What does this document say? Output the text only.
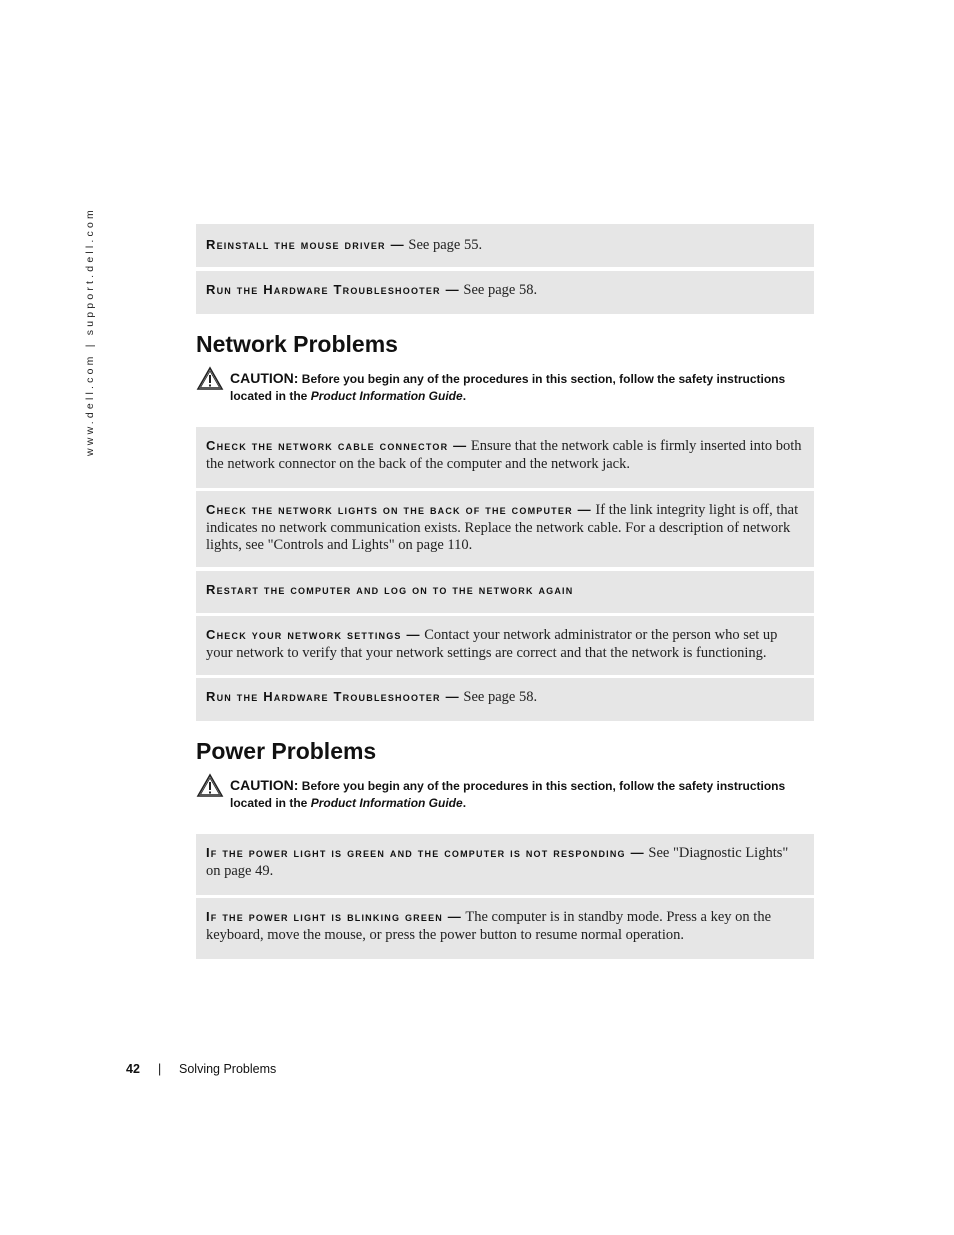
www.dell.com | support.dell.com	Reinstall the mouse driver — See page 55.
Run the Hardware Troubleshooter — See page 58.
Network Problems
CAUTION: Before you begin any of the procedures in this section, follow the safety instructions located in the Product Information Guide.
Check the network cable connector — Ensure that the network cable is firmly inserted into both the network connector on the back of the computer and the network jack.
Check the network lights on the back of the computer — If the link integrity light is off, that indicates no network communication exists. Replace the network cable. For a description of network lights, see "Controls and Lights" on page 110.
Restart the computer and log on to the network again
Check your network settings — Contact your network administrator or the person who set up your network to verify that your network settings are correct and that the network is functioning.
Run the Hardware Troubleshooter — See page 58.
Power Problems
CAUTION: Before you begin any of the procedures in this section, follow the safety instructions located in the Product Information Guide.
If the power light is green and the computer is not responding — See "Diagnostic Lights" on page 49.
If the power light is blinking green — The computer is in standby mode. Press a key on the keyboard, move the mouse, or press the power button to resume normal operation.
42 | Solving Problems
